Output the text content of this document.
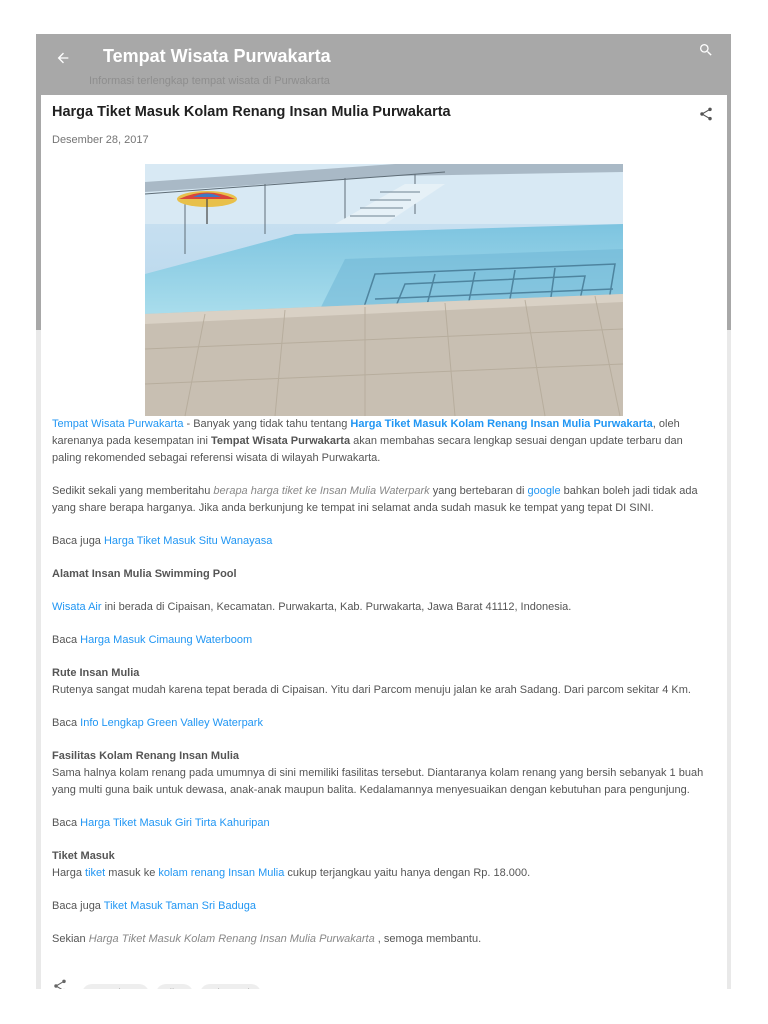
Tempat Wisata Purwakarta
Informasi terlengkap tempat wisata di Purwakarta
Harga Tiket Masuk Kolam Renang Insan Mulia Purwakarta
Desember 28, 2017

Tempat Wisata Purwakarta - Banyak yang tidak tahu tentang Harga Tiket Masuk Kolam Renang Insan Mulia Purwakarta, oleh karenanya pada kesempatan ini Tempat Wisata Purwakarta akan membahas secara lengkap sesuai dengan update terbaru dan paling rekomended sebagai referensi wisata di wilayah Purwakarta.

Sedikit sekali yang memberitahu berapa harga tiket ke Insan Mulia Waterpark yang bertebaran di google bahkan boleh jadi tidak ada yang share berapa harganya. Jika anda berkunjung ke tempat ini selamat anda sudah masuk ke tempat yang tepat DI SINI.

Baca juga Harga Tiket Masuk Situ Wanayasa

Alamat Insan Mulia Swimming Pool

Wisata Air ini berada di Cipaisan, Kecamatan. Purwakarta, Kab. Purwakarta, Jawa Barat 41112, Indonesia.

Baca Harga Masuk Cimaung Waterboom

Rute Insan Mulia
Rutenya sangat mudah karena tepat berada di Cipaisan. Yitu dari Parcom menuju jalan ke arah Sadang. Dari parcom sekitar 4 Km.

Baca Info Lengkap Green Valley Waterpark

Fasilitas Kolam Renang Insan Mulia
Sama halnya kolam renang pada umumnya di sini memiliki fasilitas tersebut. Diantaranya kolam renang yang bersih sebanyak 1 buah yang multi guna baik untuk dewasa, anak-anak maupun balita. Kedalamannya menyesuaikan dengan kebutuhan para pengunjung.

Baca Harga Tiket Masuk Giri Tirta Kahuripan

Tiket Masuk
Harga tiket masuk ke kolam renang Insan Mulia cukup terjangkau yaitu hanya dengan Rp. 18.000.

Baca juga Tiket Masuk Taman Sri Baduga

Sekian Harga Tiket Masuk Kolam Renang Insan Mulia Purwakarta , semoga membantu.
